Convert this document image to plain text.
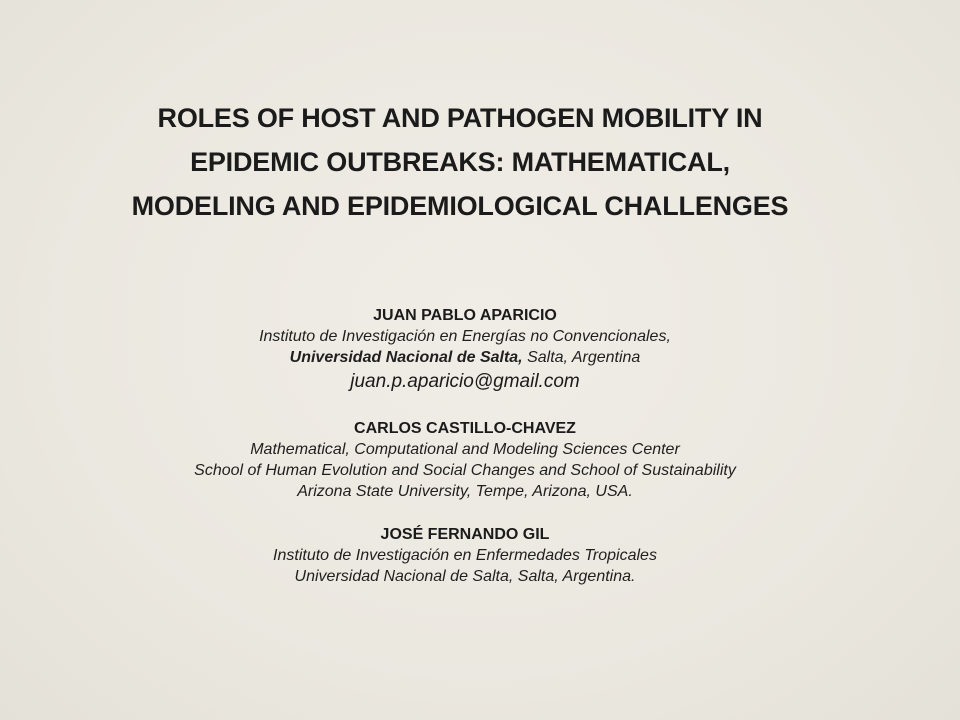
ROLES OF HOST AND PATHOGEN MOBILITY IN
EPIDEMIC OUTBREAKS: MATHEMATICAL,
MODELING AND EPIDEMIOLOGICAL CHALLENGES
JUAN PABLO APARICIO
Instituto de Investigación en Energías no Convencionales,
Universidad Nacional de Salta, Salta, Argentina
juan.p.aparicio@gmail.com
CARLOS CASTILLO-CHAVEZ
Mathematical, Computational and Modeling Sciences Center
School of Human Evolution and Social Changes and School of Sustainability
Arizona State University, Tempe, Arizona, USA.
JOSÉ FERNANDO GIL
Instituto de Investigación en Enfermedades Tropicales
Universidad Nacional de Salta, Salta, Argentina.
